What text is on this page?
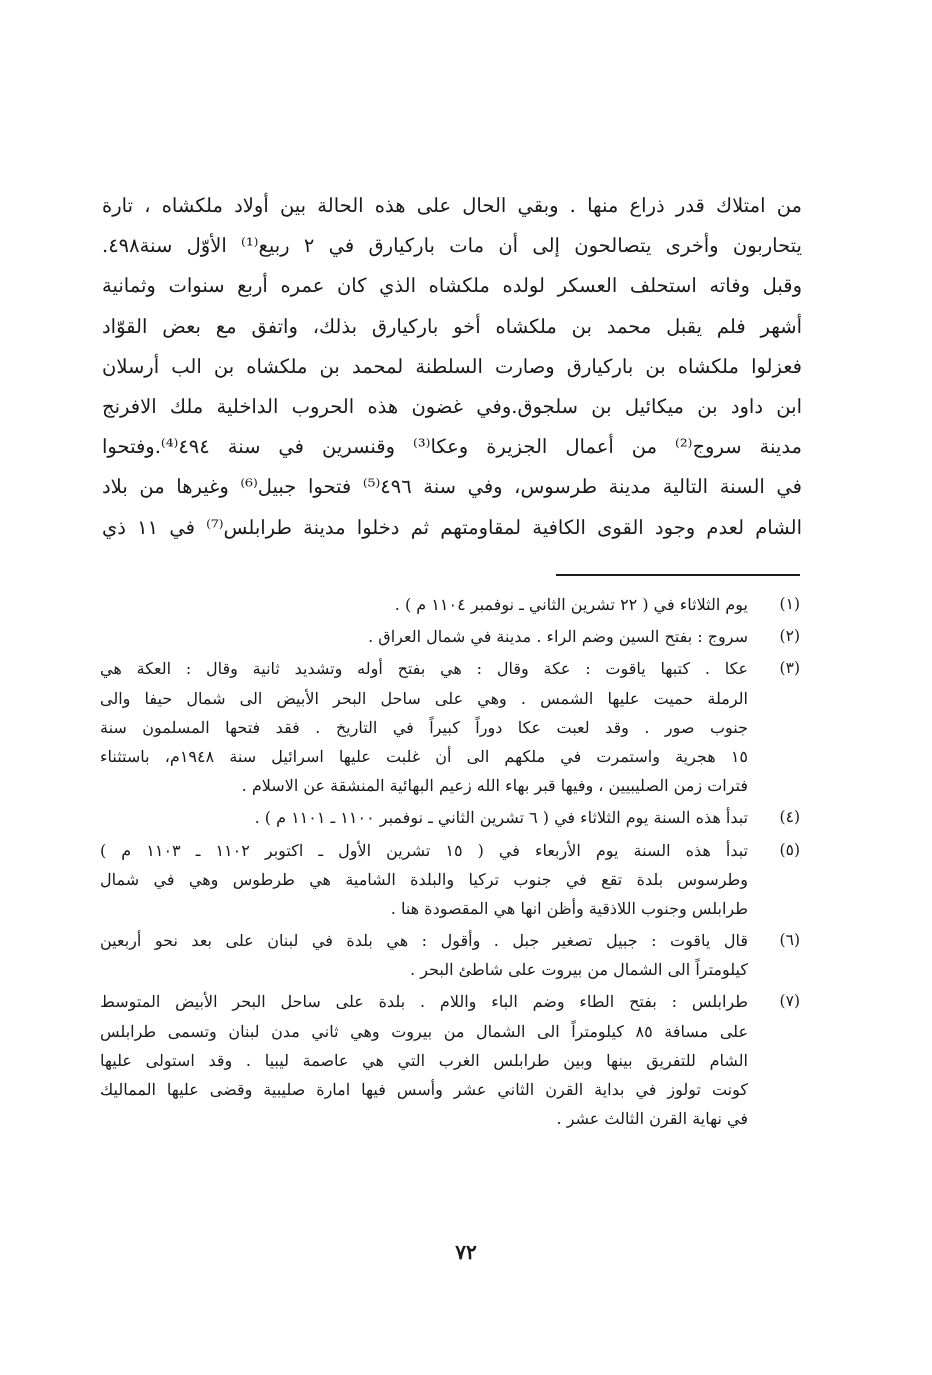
من امتلاك قدر ذراع منها . وبقي الحال على هذه الحالة بين أولاد ملكشاه ، تارة
يتحاربون وأخرى يتصالحون إلى أن مات باركيارق في ٢ ربيع⁽¹⁾ الأوّل سنة٤٩٨.
وقبل وفاته استحلف العسكر لولده ملكشاه الذي كان عمره أربع سنوات وثمانية
أشهر فلم يقبل محمد بن ملكشاه أخو باركيارق بذلك، واتفق مع بعض القوّاد
فعزلوا ملكشاه بن باركيارق وصارت السلطنة لمحمد بن ملكشاه بن الب أرسلان
ابن داود بن ميكائيل بن سلجوق.وفي غضون هذه الحروب الداخلية ملك الافرنج
مدينة سروج⁽²⁾ من أعمال الجزيرة وعكا⁽³⁾ وقنسرين في سنة ٤٩٤⁽⁴⁾.وفتحوا
في السنة التالية مدينة طرسوس، وفي سنة ٤٩٦⁽⁵⁾ فتحوا جبيل⁽⁶⁾ وغيرها من بلاد
الشام لعدم وجود القوى الكافية لمقاومتهم ثم دخلوا مدينة طرابلس⁽⁷⁾ في ١١ ذي
(١)
يوم الثلاثاء في ( ٢٢ تشرين الثاني ـ نوفمبر ١١٠٤ م ) .
(٢)
سروج : بفتح السين وضم الراء . مدينة في شمال العراق .
(٣)
عكا . كتبها ياقوت : عكة وقال : هي بفتح أوله وتشديد ثانية وقال : العكة هي
الرملة حميت عليها الشمس . وهي على ساحل البحر الأبيض الى شمال حيفا والى
جنوب صور . وقد لعبت عكا دوراً كبيراً في التاريخ . فقد فتحها المسلمون سنة
١٥ هجرية واستمرت في ملكهم الى أن غلبت عليها اسرائيل سنة ١٩٤٨م، باستثناء
فترات زمن الصليبيين ، وفيها قبر بهاء الله زعيم البهائية المنشقة عن الاسلام .
(٤)
تبدأ هذه السنة يوم الثلاثاء في ( ٦ تشرين الثاني ـ نوفمبر ١١٠٠ ـ ١١٠١ م ) .
(٥)
تبدأ هذه السنة يوم الأربعاء في ( ١٥ تشرين الأول ـ اكتوبر ١١٠٢ ـ ١١٠٣ م )
وطرسوس بلدة تقع في جنوب تركيا والبلدة الشامية هي طرطوس وهي في شمال
طرابلس وجنوب اللاذقية وأظن انها هي المقصودة هنا .
(٦)
قال ياقوت : جبيل تصغير جبل . وأقول : هي بلدة في لبنان على بعد نحو أربعين
كيلومتراً الى الشمال من بيروت على شاطئ البحر .
(٧)
طرابلس : بفتح الطاء وضم الباء واللام . بلدة على ساحل البحر الأبيض المتوسط
على مسافة ٨٥ كيلومتراً الى الشمال من بيروت وهي ثاني مدن لبنان وتسمى طرابلس
الشام للتفريق بينها وبين طرابلس الغرب التي هي عاصمة ليبيا . وقد استولى عليها
كونت تولوز في بداية القرن الثاني عشر وأسس فيها امارة صليبية وقضى عليها المماليك
في نهاية القرن الثالث عشر .
٧٢
